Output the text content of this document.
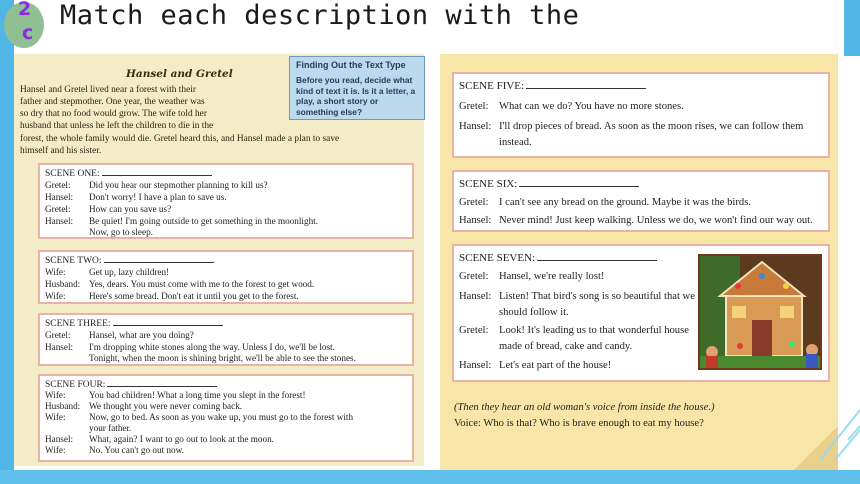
2
c
Match each description with the
Hansel and Gretel
Hansel and Gretel lived near a forest with their
father and stepmother. One year, the weather was
so dry that no food would grow. The wife told her
husband that unless he left the children to die in the
forest, the whole family would die. Gretel heard this, and Hansel made a plan to save
himself and his sister.
Finding Out the Text Type
Before you read, decide what kind of text it is. Is it a letter, a play, a short story or something else?
SCENE ONE:
Gretel: Did you hear our stepmother planning to kill us?
Hansel: Don't worry! I have a plan to save us.
Gretel: How can you save us?
Hansel: Be quiet! I'm going outside to get something in the moonlight.
Now, go to sleep.
SCENE TWO:
Wife:	Get up, lazy children!
Husband: Yes, dears. You must come with me to the forest to get wood.
Wife:	Here's some bread. Don't eat it until you get to the forest.
SCENE THREE:
Gretel: Hansel, what are you doing?
Hansel: I'm dropping white stones along the way. Unless I do, we'll be lost.
Tonight, when the moon is shining bright, we'll be able to see the stones.
SCENE FOUR:
Wife:	You bad children! What a long time you slept in the forest!
Husband: We thought you were never coming back.
Wife:	Now, go to bed. As soon as you wake up, you must go to the forest with
your father.
Hansel: What, again? I want to go out to look at the moon.
Wife:	No. You can't go out now.
SCENE FIVE:
Gretel: What can we do? You have no more stones.
Hansel: I'll drop pieces of bread. As soon as the moon rises, we can follow them
instead.
SCENE SIX:
Gretel: I can't see any bread on the ground. Maybe it was the birds.
Hansel: Never mind! Just keep walking. Unless we do, we won't find our way out.
SCENE SEVEN:
Gretel: Hansel, we're really lost!
Hansel: Listen! That bird's song is so beautiful that we
should follow it.
Gretel: Look! It's leading us to that wonderful house
made of bread, cake and candy.
Hansel: Let's eat part of the house!
(Then they hear an old woman's voice from inside the house.)
Voice: Who is that? Who is brave enough to eat my house?
